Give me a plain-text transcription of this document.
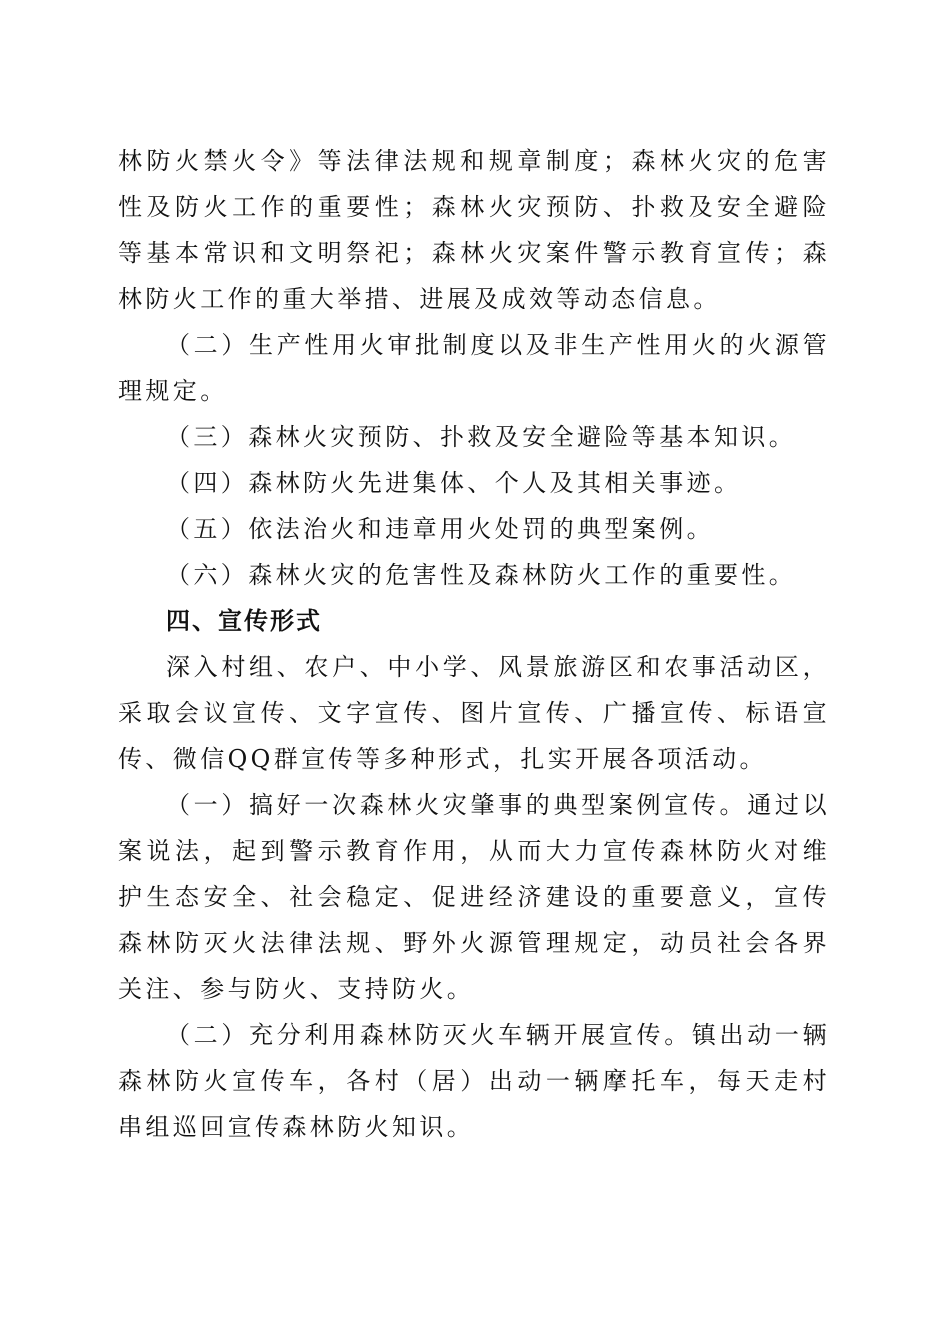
林防火禁火令》等法律法规和规章制度；森林火灾的危害性及防火工作的重要性；森林火灾预防、扑救及安全避险等基本常识和文明祭祀；森林火灾案件警示教育宣传；森林防火工作的重大举措、进展及成效等动态信息。

（二）生产性用火审批制度以及非生产性用火的火源管理规定。

（三）森林火灾预防、扑救及安全避险等基本知识。

（四）森林防火先进集体、个人及其相关事迹。

（五）依法治火和违章用火处罚的典型案例。

（六）森林火灾的危害性及森林防火工作的重要性。

四、宣传形式

深入村组、农户、中小学、风景旅游区和农事活动区，采取会议宣传、文字宣传、图片宣传、广播宣传、标语宣传、微信QQ群宣传等多种形式，扎实开展各项活动。

（一）搞好一次森林火灾肇事的典型案例宣传。通过以案说法，起到警示教育作用，从而大力宣传森林防火对维护生态安全、社会稳定、促进经济建设的重要意义，宣传森林防灭火法律法规、野外火源管理规定，动员社会各界关注、参与防火、支持防火。

（二）充分利用森林防灭火车辆开展宣传。镇出动一辆森林防火宣传车，各村（居）出动一辆摩托车，每天走村串组巡回宣传森林防火知识。
